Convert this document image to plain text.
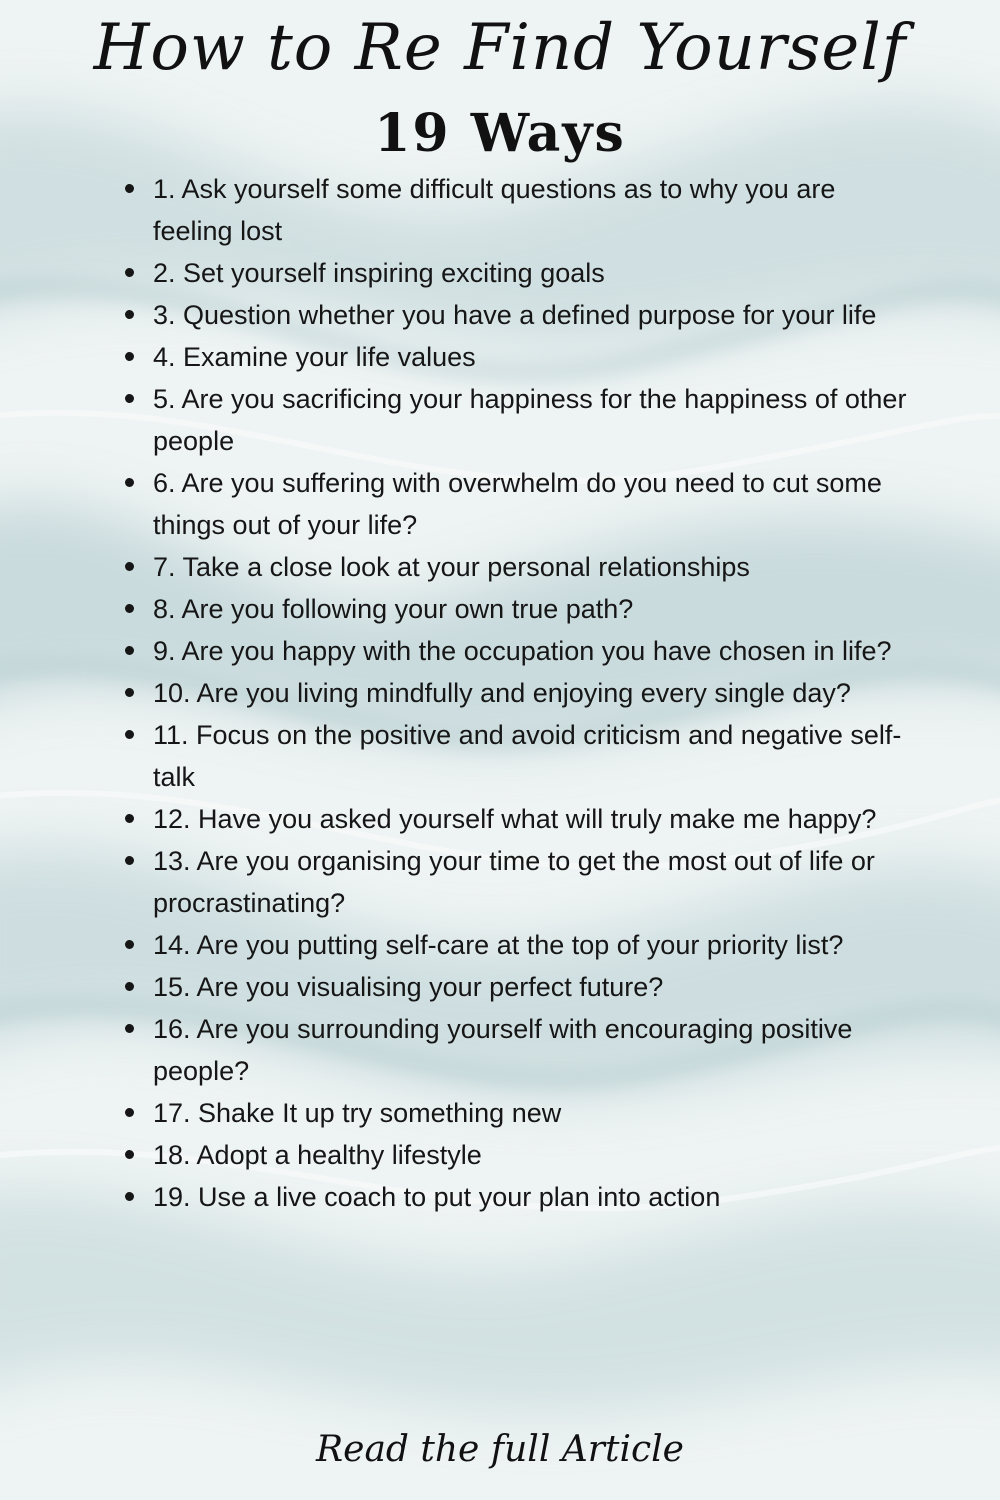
How to Re Find Yourself
19 Ways
1. Ask yourself some difficult questions as to why you are feeling lost
2. Set yourself inspiring exciting goals
3. Question whether you have a defined purpose for your life
4. Examine your life values
5. Are you sacrificing your happiness for the happiness of other people
6. Are you suffering with overwhelm do you need to cut some things out of your life?
7. Take a close look at your personal relationships
8. Are you following your own true path?
9. Are you happy with the occupation you have chosen in life?
10. Are you living mindfully and enjoying every single day?
11. Focus on the positive and avoid criticism and negative self-talk
12. Have you asked yourself what will truly make me happy?
13. Are you organising your time to get the most out of life or procrastinating?
14. Are you putting self-care at the top of your priority list?
15. Are you visualising your perfect future?
16. Are you surrounding yourself with encouraging positive people?
17. Shake It up try something new
18. Adopt a healthy lifestyle
19. Use a live coach to put your plan into action
Read the full Article
